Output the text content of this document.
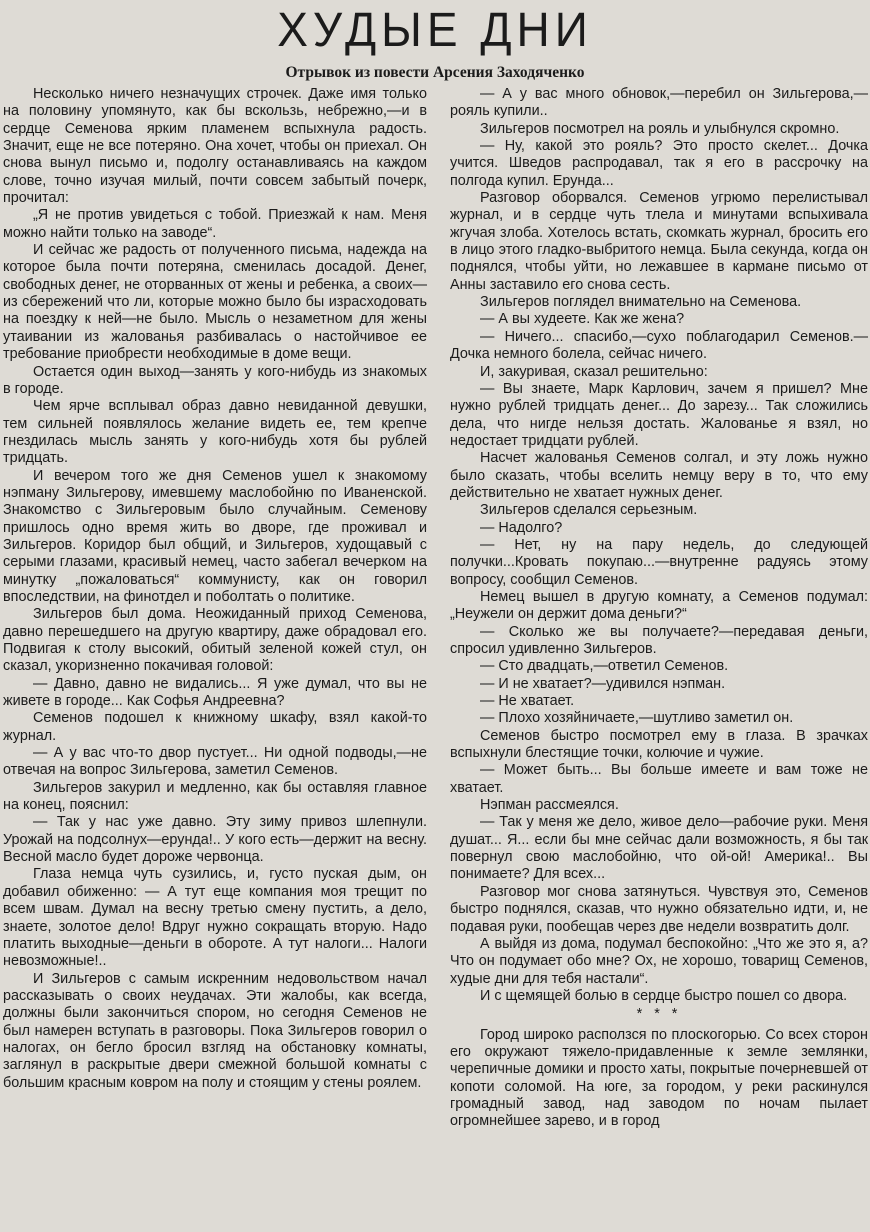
ХУДЫЕ ДНИ
Отрывок из повести Арсения Заходяченко

Несколько ничего незначущих строчек. Даже имя только на половину упомянуто, как бы вскользь, небрежно,—и в сердце Семенова ярким пламенем вспыхнула радость. Значит, еще не все потеряно. Она хочет, чтобы он приехал. Он снова вынул письмо и, подолгу останавливаясь на каждом слове, точно изучая милый, почти совсем забытый почерк, прочитал:

„Я не против увидеться с тобой. Приезжай к нам. Меня можно найти только на заводе“.

И сейчас же радость от полученного письма, надежда на которое была почти потеряна, сменилась досадой. Денег, свободных денег, не оторванных от жены и ребенка, а своих—из сбережений что ли, которые можно было бы израсходовать на поездку к ней—не было. Мысль о незаметном для жены утаивании из жалованья разбивалась о настойчивое ее требование приобрести необходимые в доме вещи.

Остается один выход—занять у кого-нибудь из знакомых в городе.

Чем ярче всплывал образ давно невиданной девушки, тем сильней появлялось желание видеть ее, тем крепче гнездилась мысль занять у кого-нибудь хотя бы рублей тридцать.

И вечером того же дня Семенов ушел к знакомому нэпману Зильгерову, имевшему маслобойню по Иваненской. Знакомство с Зильгеровым было случайным. Семенову пришлось одно время жить во дворе, где проживал и Зильгеров. Коридор был общий, и Зильгеров, худощавый с серыми глазами, красивый немец, часто забегал вечерком на минутку „пожаловаться“ коммунисту, как он говорил впоследствии, на финотдел и поболтать о политике.

Зильгеров был дома. Неожиданный приход Семенова, давно перешедшего на другую квартиру, даже обрадовал его. Подвигая к столу высокий, обитый зеленой кожей стул, он сказал, укоризненно покачивая головой:

— Давно, давно не видались... Я уже думал, что вы не живете в городе... Как Софья Андреевна?

Семенов подошел к книжному шкафу, взял какой-то журнал.

— А у вас что-то двор пустует... Ни одной подводы,—не отвечая на вопрос Зильгерова, заметил Семенов.

Зильгеров закурил и медленно, как бы оставляя главное на конец, пояснил:

— Так у нас уже давно. Эту зиму привоз шлепнули. Урожай на подсолнух—ерунда!.. У кого есть—держит на весну. Весной масло будет дороже червонца.

Глаза немца чуть сузились, и, густо пуская дым, он добавил обиженно: — А тут еще компания моя трещит по всем швам. Думал на весну третью смену пустить, а дело, знаете, золотое дело! Вдруг нужно сокращать вторую. Надо платить выходные—деньги в обороте. А тут налоги... Налоги невозможные!..

И Зильгеров с самым искренним недовольством начал рассказывать о своих неудачах. Эти жалобы, как всегда, должны были закончиться спором, но сегодня Семенов не был намерен вступать в разговоры. Пока Зильгеров говорил о налогах, он бегло бросил взгляд на обстановку комнаты, заглянул в раскрытые двери смежной большой комнаты с большим красным ковром на полу и стоящим у стены роялем.

— А у вас много обновок,—перебил он Зильгерова,—рояль купили..

Зильгеров посмотрел на рояль и улыбнулся скромно.

— Ну, какой это рояль? Это просто скелет... Дочка учится. Шведов распродавал, так я его в рассрочку на полгода купил. Ерунда...

Разговор оборвался. Семенов угрюмо перелистывал журнал, и в сердце чуть тлела и минутами вспыхивала жгучая злоба. Хотелось встать, скомкать журнал, бросить его в лицо этого гладко-выбритого немца. Была секунда, когда он поднялся, чтобы уйти, но лежавшее в кармане письмо от Анны заставило его снова сесть.

Зильгеров поглядел внимательно на Семенова.

— А вы худеете. Как же жена?

— Ничего... спасибо,—сухо поблагодарил Семенов.—Дочка немного болела, сейчас ничего.

И, закуривая, сказал решительно:

— Вы знаете, Марк Карлович, зачем я пришел? Мне нужно рублей тридцать денег... До зарезу... Так сложились дела, что нигде нельзя достать. Жалованье я взял, но недостает тридцати рублей.

Насчет жалованья Семенов солгал, и эту ложь нужно было сказать, чтобы вселить немцу веру в то, что ему действительно не хватает нужных денег.

Зильгеров сделался серьезным.

— Надолго?

— Нет, ну на пару недель, до следующей получки...Кровать покупаю...—внутренне радуясь этому вопросу, сообщил Семенов.

Немец вышел в другую комнату, а Семенов подумал: „Неужели он держит дома деньги?“

— Сколько же вы получаете?—передавая деньги, спросил удивленно Зильгеров.

— Сто двадцать,—ответил Семенов.

— И не хватает?—удивился нэпман.

— Не хватает.

— Плохо хозяйничаете,—шутливо заметил он.

Семенов быстро посмотрел ему в глаза. В зрачках вспыхнули блестящие точки, колючие и чужие.

— Может быть... Вы больше имеете и вам тоже не хватает.

Нэпман рассмеялся.

— Так у меня же дело, живое дело—рабочие руки. Меня душат... Я... если бы мне сейчас дали возможность, я бы так повернул свою маслобойню, что ой-ой! Америка!.. Вы понимаете? Для всех...

Разговор мог снова затянуться. Чувствуя это, Семенов быстро поднялся, сказав, что нужно обязательно идти, и, не подавая руки, пообещав через две недели возвратить долг.

А выйдя из дома, подумал беспокойно: „Что же это я, а? Что он подумает обо мне? Ох, не хорошо, товарищ Семенов, худые дни для тебя настали“.

И с щемящей болью в сердце быстро пошел со двора.

* * *

Город широко расползся по плоскогорью. Со всех сторон его окружают тяжело-придавленные к земле землянки, черепичные домики и просто хаты, покрытые почерневшей от копоти соломой. На юге, за городом, у реки раскинулся громадный завод, над заводом по ночам пылает огромнейшее зарево, и в город
